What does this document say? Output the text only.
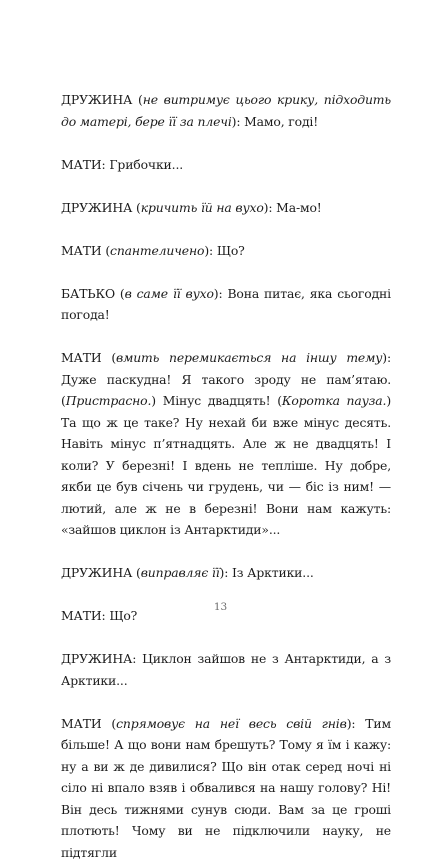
ДРУЖИНА (не витримує цього крику, підходить до матері, бере її за плечі): Мамо, годі!

МАТИ: Грибочки...

ДРУЖИНА (кричить їй на вухо): Ма-мо!

МАТИ (спантеличено): Що?

БАТЬКО (в саме її вухо): Вона питає, яка сьогодні погода!

МАТИ (вмить перемикається на іншу тему): Дуже паскудна! Я такого зроду не пам’ятаю. (Пристрасно.) Мінус двадцять! (Коротка пауза.) Та що ж це таке? Ну нехай би вже мінус десять. Навіть мінус п’ятнадцять. Але ж не двадцять! І коли? У березні! І вдень не тепліше. Ну добре, якби це був січень чи грудень, чи — біс із ним! — лютий, але ж не в березні! Вони нам кажуть: «зайшов циклон із Антарктиди»...

ДРУЖИНА (виправляє її): Із Арктики...

МАТИ: Що?

ДРУЖИНА: Циклон зайшов не з Антарктиди, а з Арктики...

МАТИ (спрямовує на неї весь свій гнів): Тим більше! А що вони нам брешуть? Тому я їм і кажу: ну а ви ж де дивилися? Що він отак серед ночі ні сіло ні впало взяв і обвалився на нашу голову? Ні! Він десь тижнями сунув сюди. Вам за це гроші плотють! Чому ви не підключили науку, не підтягли

13
